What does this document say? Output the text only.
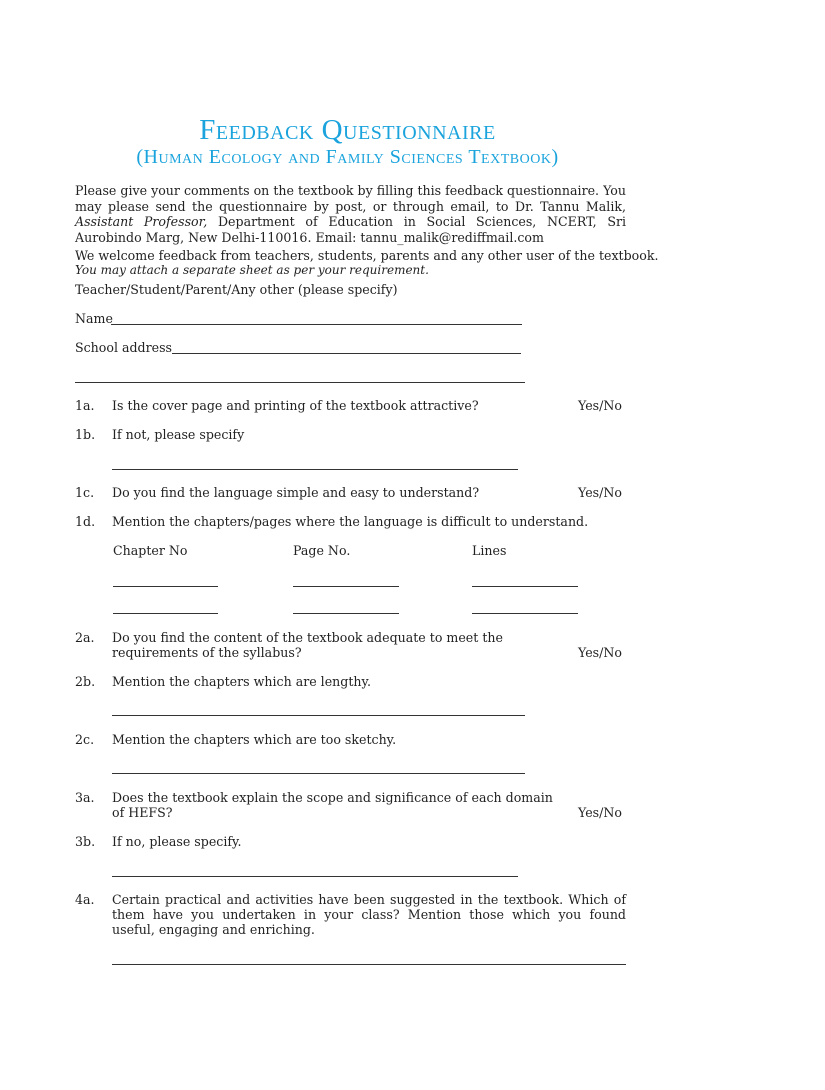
Feedback Questionnaire
(Human Ecology and Family Sciences Textbook)
Please give your comments on the textbook by filling this feedback questionnaire. You may please send the questionnaire by post, or through email, to Dr. Tannu Malik, Assistant Professor, Department of Education in Social Sciences, NCERT, Sri Aurobindo Marg, New Delhi-110016. Email: tannu_malik@rediffmail.com
We welcome feedback from teachers, students, parents and any other user of the textbook.
You may attach a separate sheet as per your requirement.
Teacher/Student/Parent/Any other (please specify)
Name
School address
1a. Is the cover page and printing of the textbook attractive?	Yes/No
1b. If not, please specify
1c. Do you find the language simple and easy to understand?	Yes/No
1d. Mention the chapters/pages where the language is difficult to understand.
Chapter No	Page No.	Lines
2a. Do you find the content of the textbook adequate to meet the
requirements of the syllabus?	Yes/No
2b. Mention the chapters which are lengthy.
2c. Mention the chapters which are too sketchy.
3a. Does the textbook explain the scope and significance of each domain
of HEFS?	Yes/No
3b. If no, please specify.
4a. Certain practical and activities have been suggested in the textbook. Which of them have you undertaken in your class? Mention those which you found useful, engaging and enriching.
